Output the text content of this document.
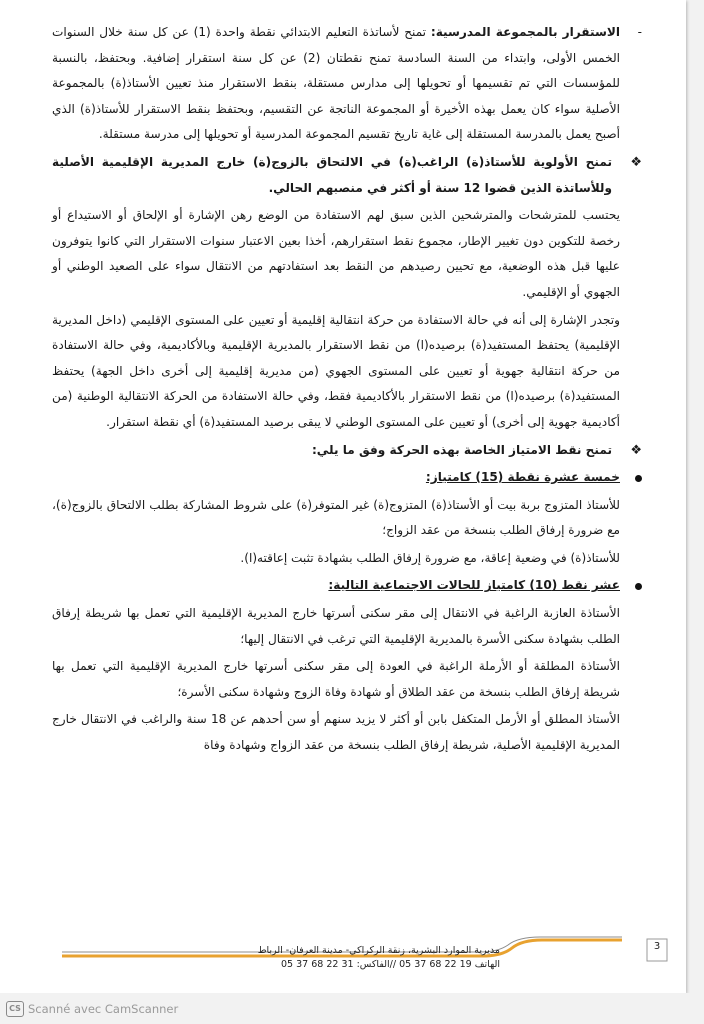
-
الاستقرار بالمجموعة المدرسية: تمنح لأساتذة التعليم الابتدائي نقطة واحدة (1) عن كل سنة خلال السنوات الخمس الأولى، وابتداء من السنة السادسة تمنح نقطتان (2) عن كل سنة استقرار إضافية. وبحتفظ، بالنسبة للمؤسسات التي تم تقسيمها أو تحويلها إلى مدارس مستقلة، بنقط الاستقرار منذ تعيين الأستاذ(ة) بالمجموعة الأصلية سواء كان يعمل بهذه الأخيرة أو المجموعة الناتجة عن التقسيم، وبحتفظ بنقط الاستقرار للأستاذ(ة) الذي أصبح يعمل بالمدرسة المستقلة إلى غاية تاريخ تقسيم المجموعة المدرسية أو تحويلها إلى مدرسة مستقلة.
❖
تمنح الأولوية للأستاذ(ة) الراغب(ة) في الالتحاق بالزوج(ة) خارج المديرية الإقليمية الأصلية وللأساتذة الذين قضوا 12 سنة أو أكثر في منصبهم الحالي.
يحتسب للمترشحات والمترشحين الذين سبق لهم الاستفادة من الوضع رهن الإشارة أو الإلحاق أو الاستيداع أو رخصة للتكوين دون تغيير الإطار، مجموع نقط استقرارهم، أخذا بعين الاعتبار سنوات الاستقرار التي كانوا يتوفرون عليها قبل هذه الوضعية، مع تحيين رصيدهم من النقط بعد استفادتهم من الانتقال سواء على الصعيد الوطني أو الجهوي أو الإقليمي.
وتجدر الإشارة إلى أنه في حالة الاستفادة من حركة انتقالية إقليمية أو تعيين على المستوى الإقليمي (داخل المديرية الإقليمية) يحتفظ المستفيد(ة) برصيده(ا) من نقط الاستقرار بالمديرية الإقليمية وبالأكاديمية، وفي حالة الاستفادة من حركة انتقالية جهوية أو تعيين على المستوى الجهوي (من مديرية إقليمية إلى أخرى داخل الجهة) يحتفظ المستفيد(ة) برصيده(ا) من نقط الاستقرار بالأكاديمية فقط، وفي حالة الاستفادة من الحركة الانتقالية الوطنية (من أكاديمية جهوية إلى أخرى) أو تعيين على المستوى الوطني لا يبقى برصيد المستفيد(ة) أي نقطة استقرار.
❖
تمنح نقط الامتياز الخاصة بهذه الحركة وفق ما يلي:
خمسة عشرة نقطة (15) كامتياز:
للأستاذ المتزوج بربة بيت أو الأستاذ(ة) المتزوج(ة) غير المتوفر(ة) على شروط المشاركة بطلب الالتحاق بالزوج(ة)، مع ضرورة إرفاق الطلب بنسخة من عقد الزواج؛
للأستاذ(ة) في وضعية إعاقة، مع ضرورة إرفاق الطلب بشهادة تثبت إعاقته(ا).
عشر نقط (10) كامتياز للحالات الاجتماعية التالية:
الأستاذة العازبة الراغبة في الانتقال إلى مقر سكنى أسرتها خارج المديرية الإقليمية التي تعمل بها شريطة إرفاق الطلب بشهادة سكنى الأسرة بالمديرية الإقليمية التي ترغب في الانتقال إليها؛
الأستاذة المطلقة أو الأرملة الراغبة في العودة إلى مقر سكنى أسرتها خارج المديرية الإقليمية التي تعمل بها شريطة إرفاق الطلب بنسخة من عقد الطلاق أو شهادة وفاة الزوج وشهادة سكنى الأسرة؛
الأستاذ المطلق أو الأرمل المتكفل بابن أو أكثر لا يزيد سنهم أو سن أحدهم عن 18 سنة والراغب في الانتقال خارج المديرية الإقليمية الأصلية، شريطة إرفاق الطلب بنسخة من عقد الزواج وشهادة وفاة
مديرية الموارد البشرية، زنقة الركراكي- مدينة العرفان- الرباط
الهاتف 19 22 68 37 05 //الفاكس: 31 22 68 37 05
3
CS Scanné avec CamScanner
